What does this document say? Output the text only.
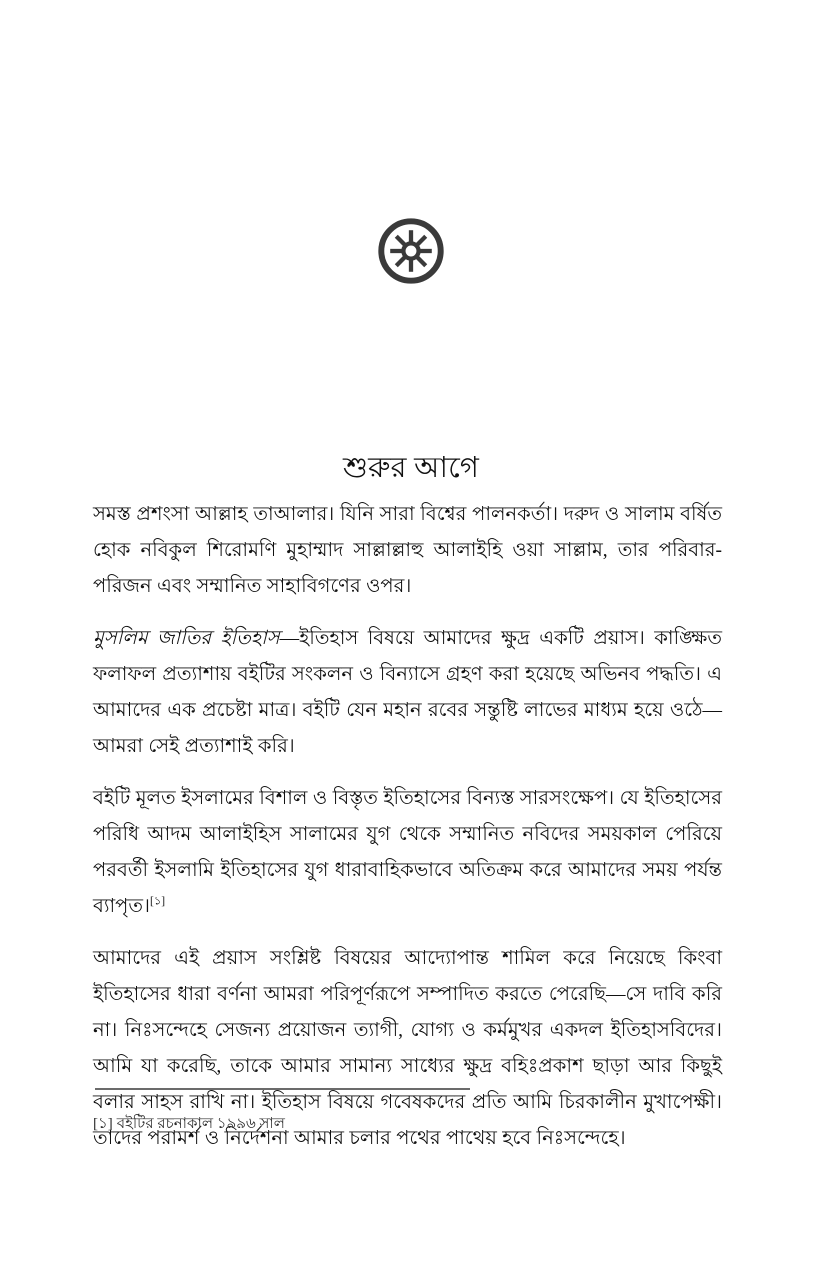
শুরুর আগে

সমস্ত প্রশংসা আল্লাহ তাআলার। যিনি সারা বিশ্বের পালনকর্তা। দরুদ ও সালাম বর্ষিত হোক নবিকুল শিরোমণি মুহাম্মাদ সাল্লাল্লাহু আলাইহি ওয়া সাল্লাম, তার পরিবার-পরিজন এবং সম্মানিত সাহাবিগণের ওপর।

মুসলিম জাতির ইতিহাস—ইতিহাস বিষয়ে আমাদের ক্ষুদ্র একটি প্রয়াস। কাঙ্ক্ষিত ফলাফল প্রত্যাশায় বইটির সংকলন ও বিন্যাসে গ্রহণ করা হয়েছে অভিনব পদ্ধতি। এ আমাদের এক প্রচেষ্টা মাত্র। বইটি যেন মহান রবের সন্তুষ্টি লাভের মাধ্যম হয়ে ওঠে—আমরা সেই প্রত্যাশাই করি।

বইটি মূলত ইসলামের বিশাল ও বিস্তৃত ইতিহাসের বিন্যস্ত সারসংক্ষেপ। যে ইতিহাসের পরিধি আদম আলাইহিস সালামের যুগ থেকে সম্মানিত নবিদের সময়কাল পেরিয়ে পরবর্তী ইসলামি ইতিহাসের যুগ ধারাবাহিকভাবে অতিক্রম করে আমাদের সময় পর্যন্ত ব্যাপৃত।[১]

আমাদের এই প্রয়াস সংশ্লিষ্ট বিষয়ের আদ্যোপান্ত শামিল করে নিয়েছে কিংবা ইতিহাসের ধারা বর্ণনা আমরা পরিপূর্ণরূপে সম্পাদিত করতে পেরেছি—সে দাবি করি না। নিঃসন্দেহে সেজন্য প্রয়োজন ত্যাগী, যোগ্য ও কর্মমুখর একদল ইতিহাসবিদের। আমি যা করেছি, তাকে আমার সামান্য সাধ্যের ক্ষুদ্র বহিঃপ্রকাশ ছাড়া আর কিছুই বলার সাহস রাখি না। ইতিহাস বিষয়ে গবেষকদের প্রতি আমি চিরকালীন মুখাপেক্ষী। তাদের পরামর্শ ও নির্দেশনা আমার চলার পথের পাথেয় হবে নিঃসন্দেহে।

[১] বইটির রচনাকাল ১৯৯৬ সাল
